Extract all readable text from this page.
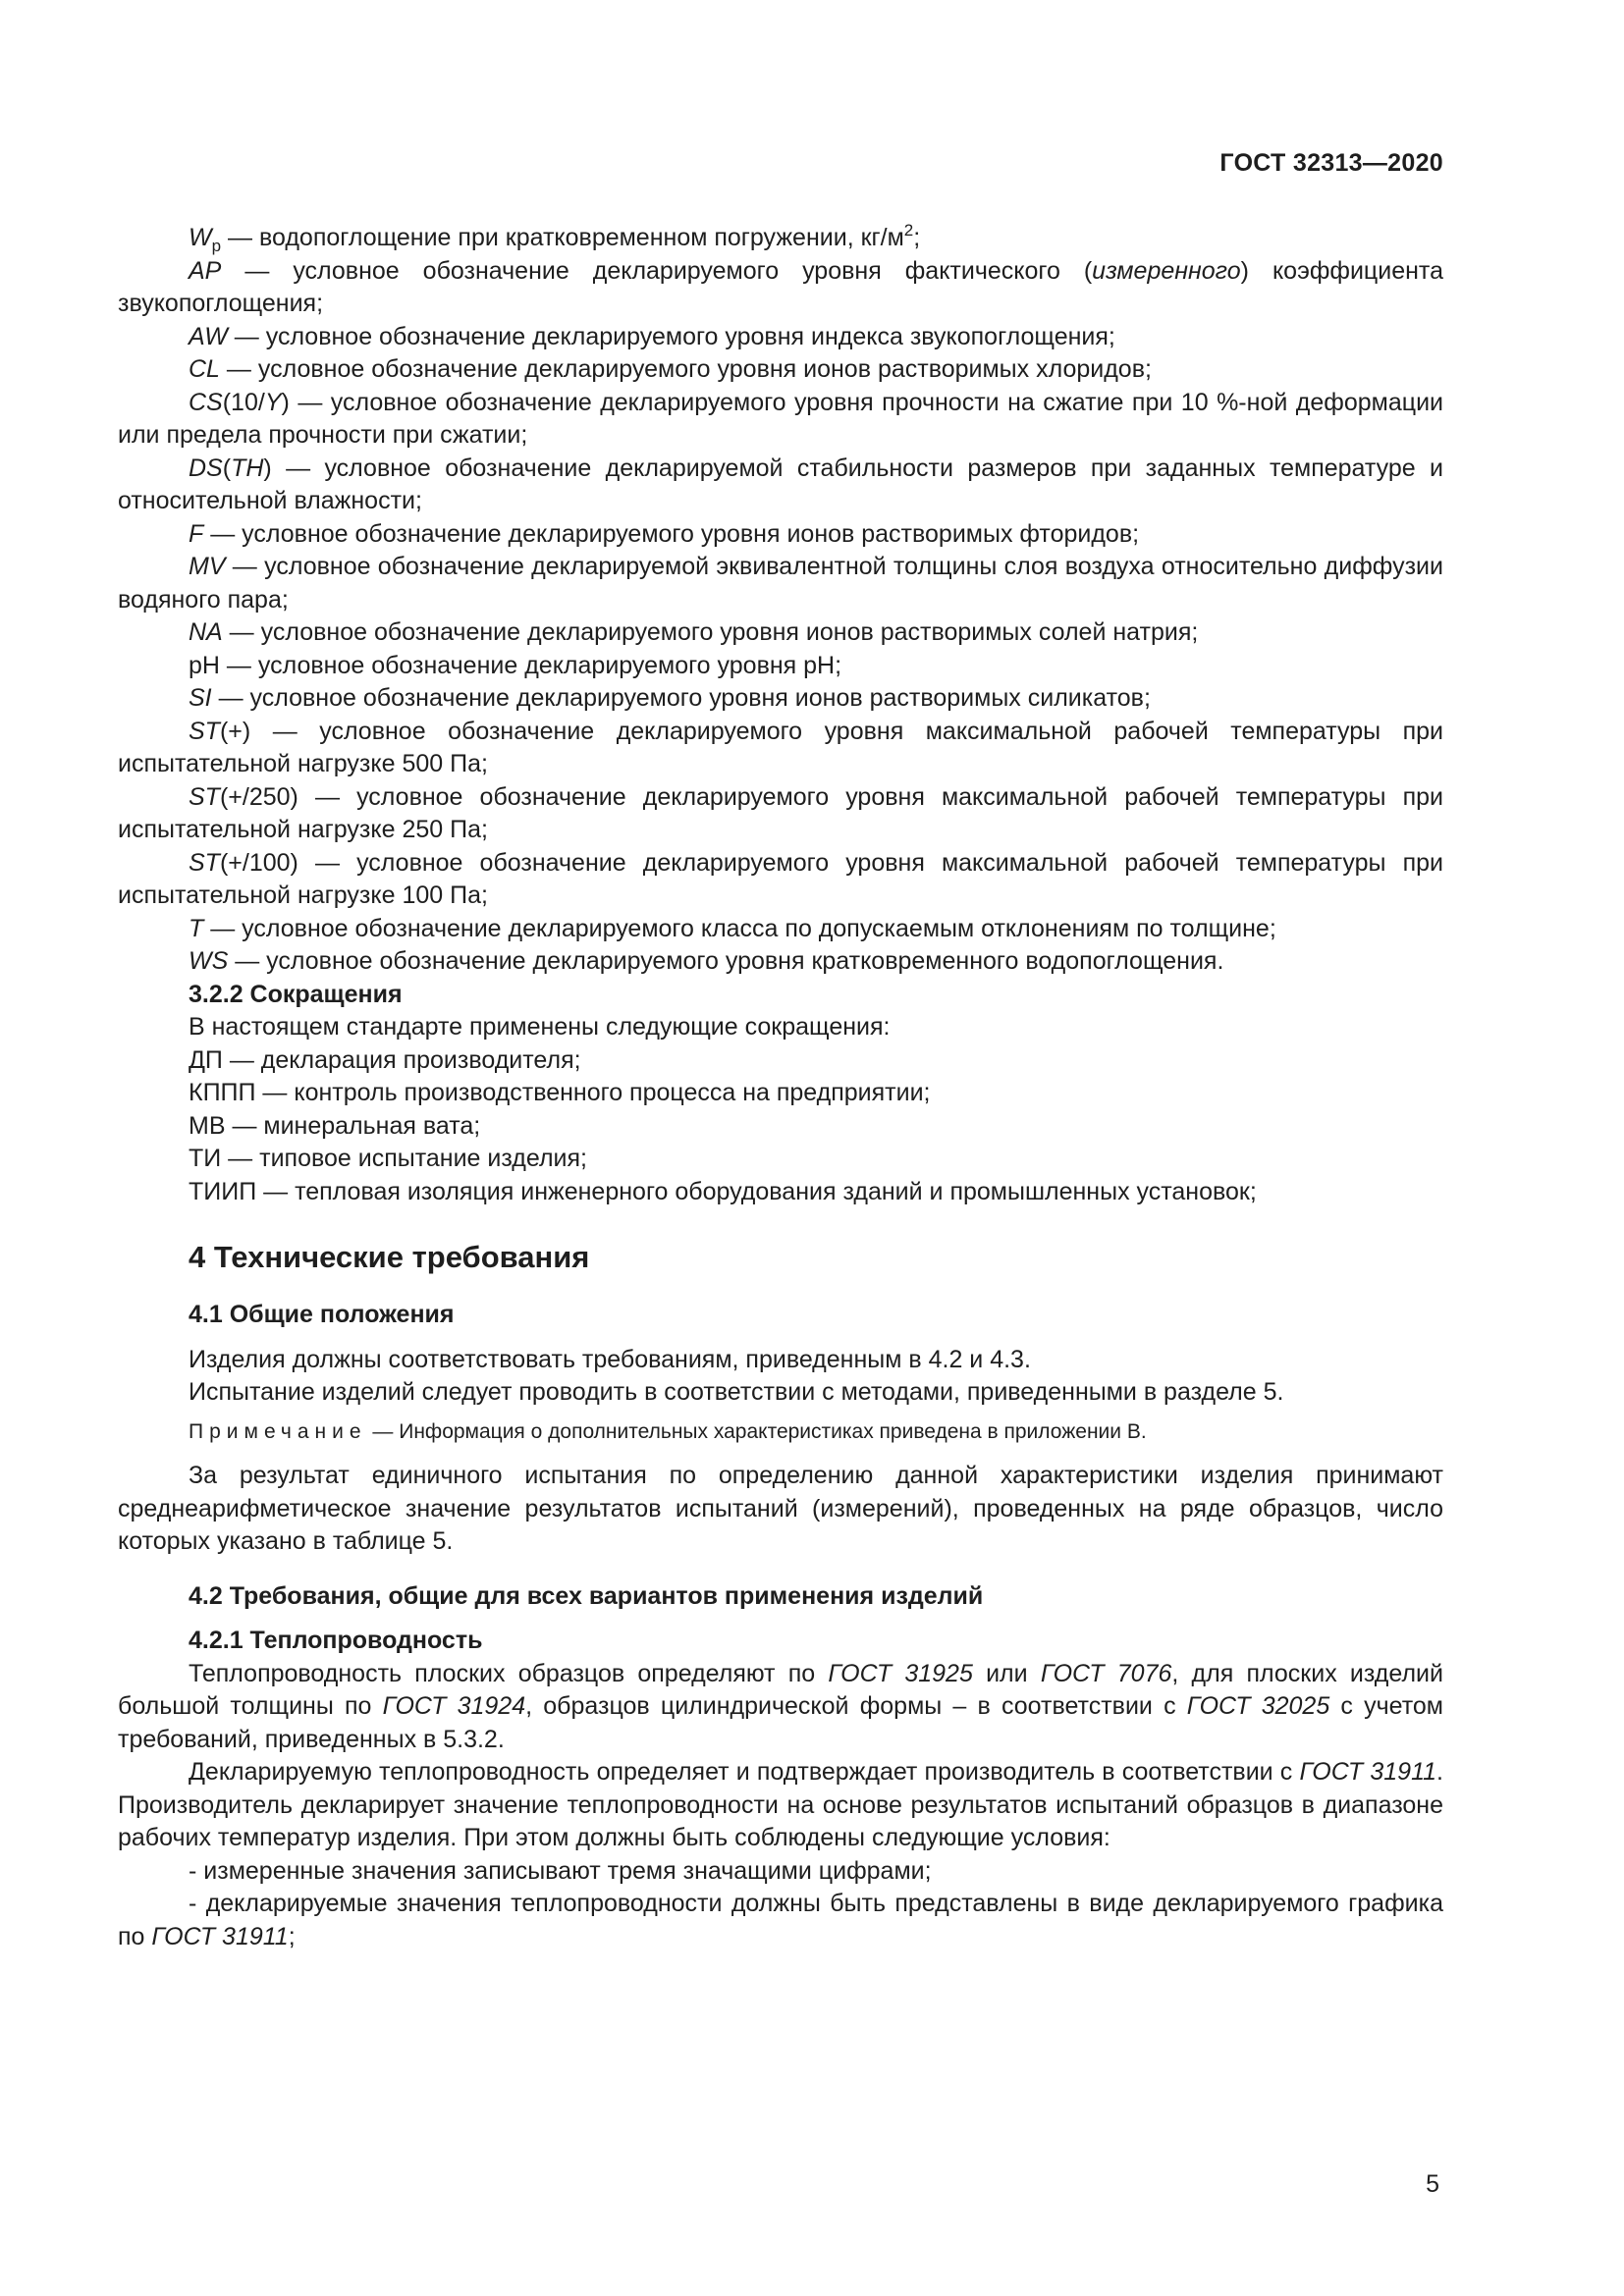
ГОСТ 32313—2020

$W_p$ — водопоглощение при кратковременном погружении, $кг/м^2$;

AP — условное обозначение декларируемого уровня фактического (измеренного) коэффициента звукопоглощения;

AW — условное обозначение декларируемого уровня индекса звукопоглощения;

CL — условное обозначение декларируемого уровня ионов растворимых хлоридов;

CS(10/Y) — условное обозначение декларируемого уровня прочности на сжатие при 10 %-ной деформации или предела прочности при сжатии;

DS(TH) — условное обозначение декларируемой стабильности размеров при заданных температуре и относительной влажности;

F — условное обозначение декларируемого уровня ионов растворимых фторидов;

MV — условное обозначение декларируемой эквивалентной толщины слоя воздуха относительно диффузии водяного пара;

NA — условное обозначение декларируемого уровня ионов растворимых солей натрия;

pH — условное обозначение декларируемого уровня pH;

SI — условное обозначение декларируемого уровня ионов растворимых силикатов;

ST(+) — условное обозначение декларируемого уровня максимальной рабочей температуры при испытательной нагрузке 500 Па;

ST(+/250) — условное обозначение декларируемого уровня максимальной рабочей температуры при испытательной нагрузке 250 Па;

ST(+/100) — условное обозначение декларируемого уровня максимальной рабочей температуры при испытательной нагрузке 100 Па;

T — условное обозначение декларируемого класса по допускаемым отклонениям по толщине;

WS — условное обозначение декларируемого уровня кратковременного водопоглощения.

3.2.2 Сокращения

В настоящем стандарте применены следующие сокращения:

ДП — декларация производителя;

КППП — контроль производственного процесса на предприятии;

МВ — минеральная вата;

ТИ — типовое испытание изделия;

ТИИП — тепловая изоляция инженерного оборудования зданий и промышленных установок;

4 Технические требования

4.1 Общие положения

Изделия должны соответствовать требованиям, приведенным в 4.2 и 4.3.

Испытание изделий следует проводить в соответствии с методами, приведенными в разделе 5.

Примечание — Информация о дополнительных характеристиках приведена в приложении В.

За результат единичного испытания по определению данной характеристики изделия принимают среднеарифметическое значение результатов испытаний (измерений), проведенных на ряде образцов, число которых указано в таблице 5.

4.2 Требования, общие для всех вариантов применения изделий

4.2.1 Теплопроводность

Теплопроводность плоских образцов определяют по ГОСТ 31925 или ГОСТ 7076, для плоских изделий большой толщины по ГОСТ 31924, образцов цилиндрической формы – в соответствии с ГОСТ 32025 с учетом требований, приведенных в 5.3.2.

Декларируемую теплопроводность определяет и подтверждает производитель в соответствии с ГОСТ 31911. Производитель декларирует значение теплопроводности на основе результатов испытаний образцов в диапазоне рабочих температур изделия. При этом должны быть соблюдены следующие условия:

- измеренные значения записывают тремя значащими цифрами;

- декларируемые значения теплопроводности должны быть представлены в виде декларируемого графика по ГОСТ 31911;

5
